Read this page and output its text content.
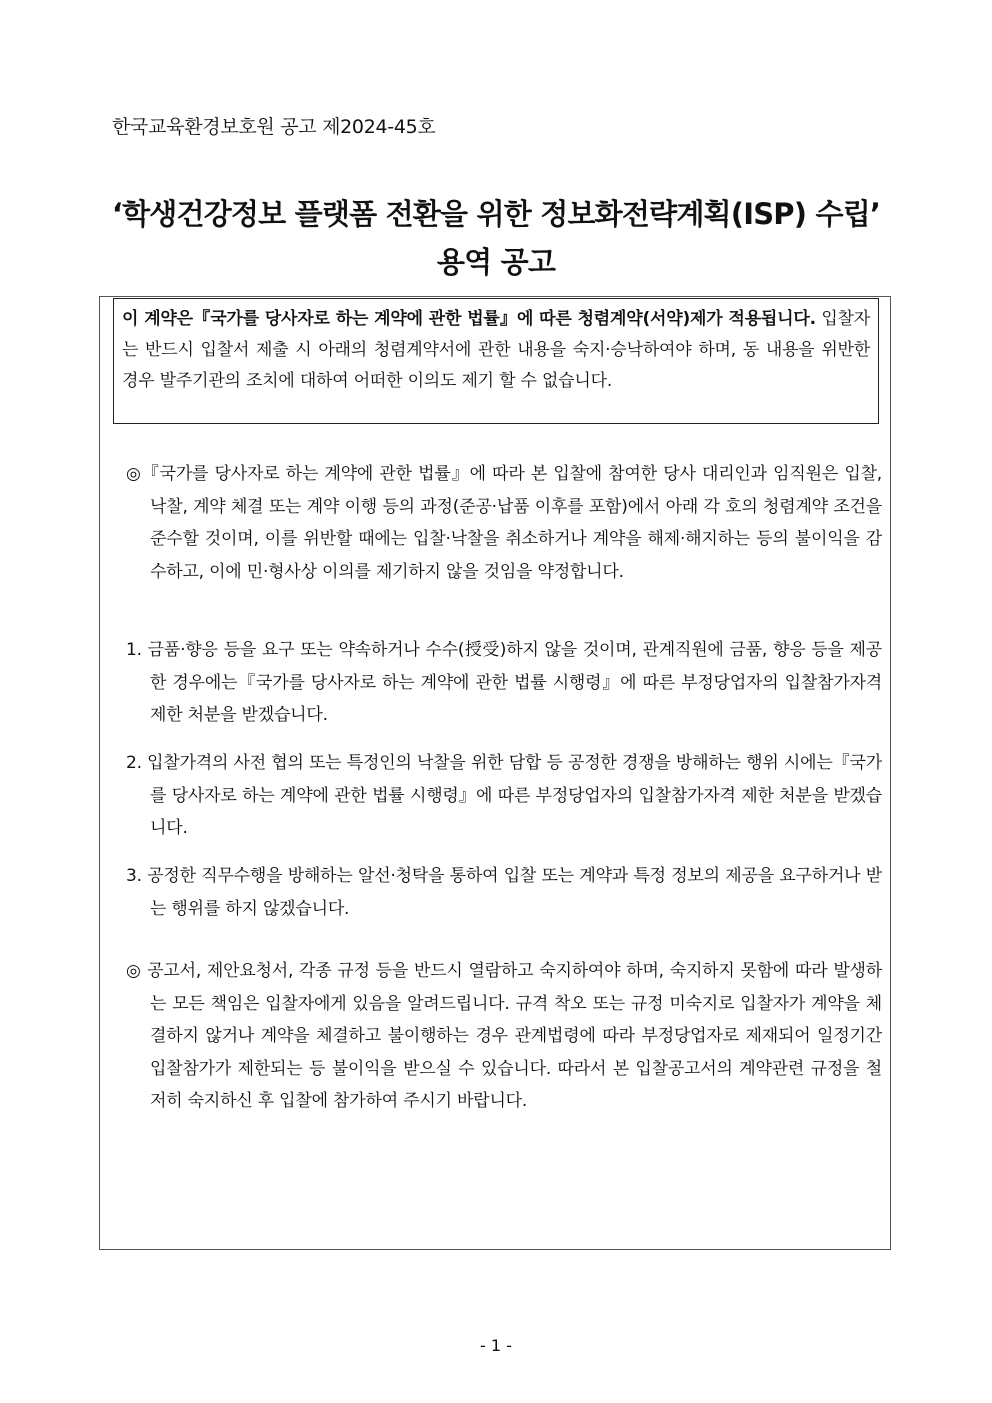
한국교육환경보호원 공고 제2024-45호
‘학생건강정보 플랫폼 전환을 위한 정보화전략계획(ISP) 수립’
용역 공고
이 계약은『국가를 당사자로 하는 계약에 관한 법률』에 따른 청렴계약(서약)제가 적용됩니다. 입찰자는 반드시 입찰서 제출 시 아래의 청렴계약서에 관한 내용을 숙지·승낙하여야 하며, 동 내용을 위반한 경우 발주기관의 조치에 대하여 어떠한 이의도 제기 할 수 없습니다.
◎『국가를 당사자로 하는 계약에 관한 법률』에 따라 본 입찰에 참여한 당사 대리인과 임직원은 입찰, 낙찰, 계약 체결 또는 계약 이행 등의 과정(준공·납품 이후를 포함)에서 아래 각 호의 청렴계약 조건을 준수할 것이며, 이를 위반할 때에는 입찰·낙찰을 취소하거나 계약을 해제·해지하는 등의 불이익을 감수하고, 이에 민·형사상 이의를 제기하지 않을 것임을 약정합니다.
1. 금품·향응 등을 요구 또는 약속하거나 수수(授受)하지 않을 것이며, 관계직원에 금품, 향응 등을 제공한 경우에는『국가를 당사자로 하는 계약에 관한 법률 시행령』에 따른 부정당업자의 입찰참가자격 제한 처분을 받겠습니다.
2. 입찰가격의 사전 협의 또는 특정인의 낙찰을 위한 담합 등 공정한 경쟁을 방해하는 행위 시에는『국가를 당사자로 하는 계약에 관한 법률 시행령』에 따른 부정당업자의 입찰참가자격 제한 처분을 받겠습니다.
3. 공정한 직무수행을 방해하는 알선·청탁을 통하여 입찰 또는 계약과 특정 정보의 제공을 요구하거나 받는 행위를 하지 않겠습니다.
◎ 공고서, 제안요청서, 각종 규정 등을 반드시 열람하고 숙지하여야 하며, 숙지하지 못함에 따라 발생하는 모든 책임은 입찰자에게 있음을 알려드립니다. 규격 착오 또는 규정 미숙지로 입찰자가 계약을 체결하지 않거나 계약을 체결하고 불이행하는 경우 관계법령에 따라 부정당업자로 제재되어 일정기간 입찰참가가 제한되는 등 불이익을 받으실 수 있습니다. 따라서 본 입찰공고서의 계약관련 규정을 철저히 숙지하신 후 입찰에 참가하여 주시기 바랍니다.
- 1 -
